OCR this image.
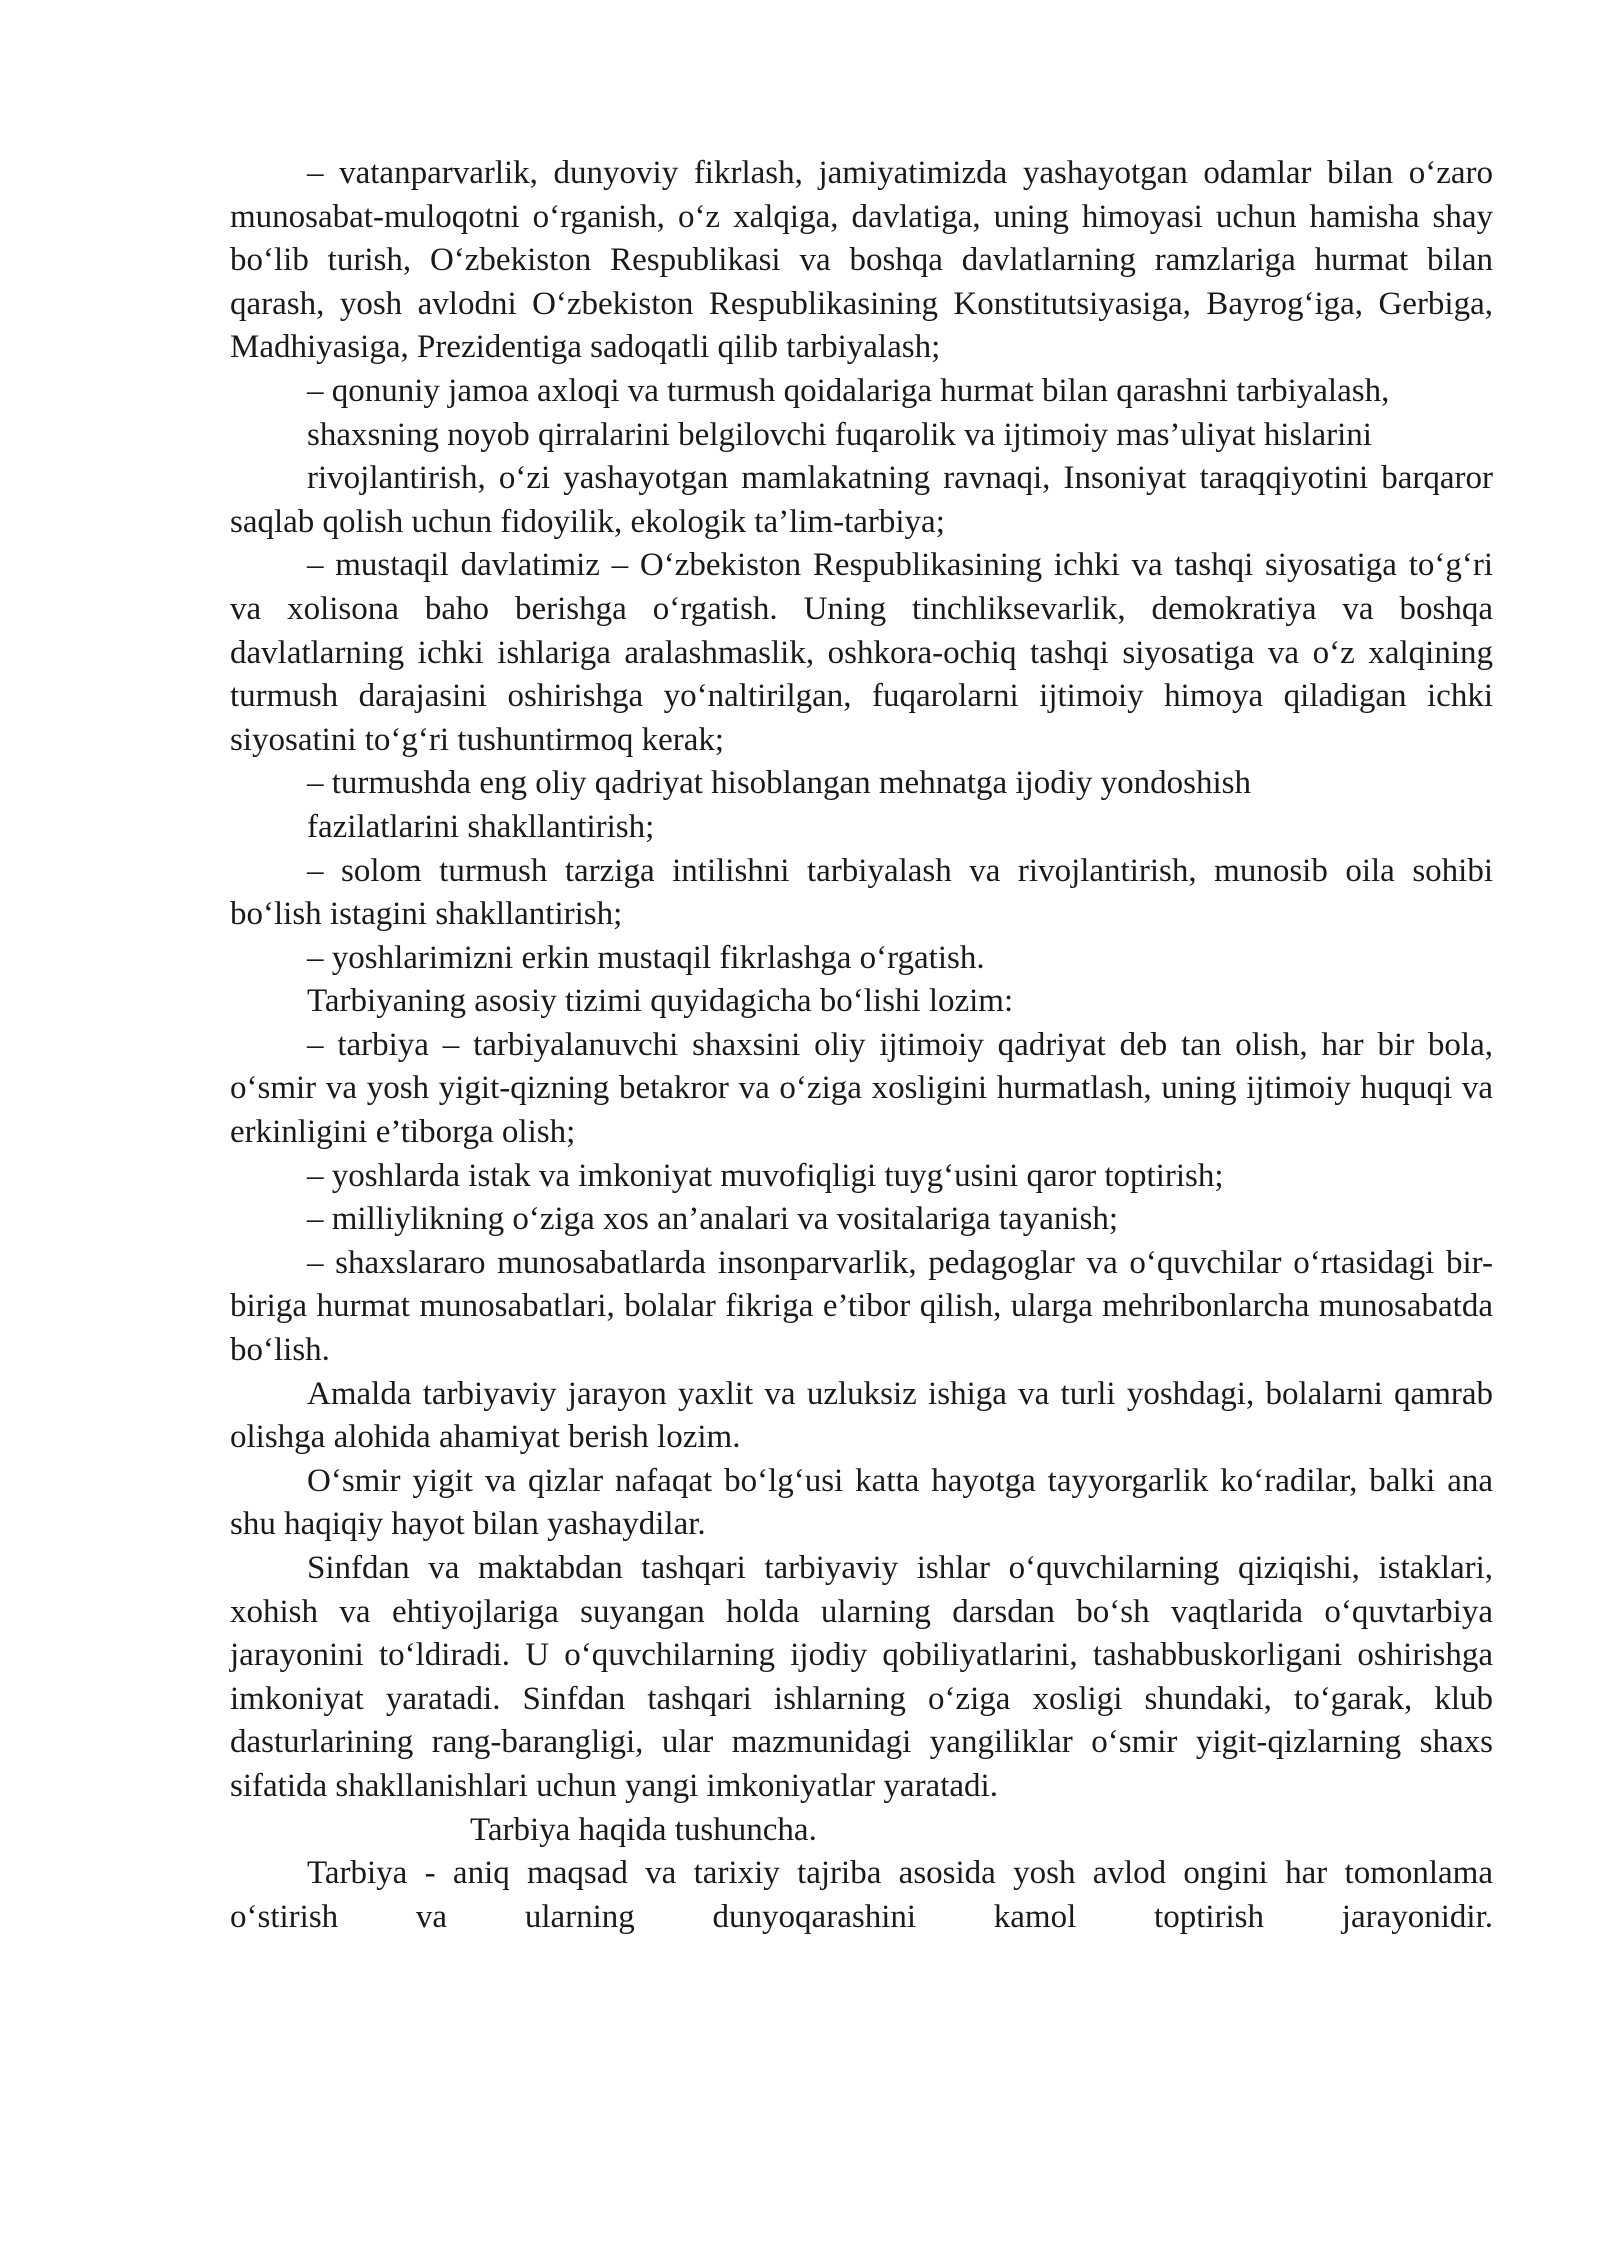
– vatanparvarlik, dunyoviy fikrlash, jamiyatimizda yashayotgan odamlar bilan o‘zaro munosabat-muloqotni o‘rganish, o‘z xalqiga, davlatiga, uning himoyasi uchun hamisha shay bo‘lib turish, O‘zbekiston Respublikasi va boshqa davlatlarning ramzlariga hurmat bilan qarash, yosh avlodni O‘zbekiston Respublikasining Konstitutsiyasiga, Bayrog‘iga, Gerbiga, Madhiyasiga, Prezidentiga sadoqatli qilib tarbiyalash;

– qonuniy jamoa axloqi va turmush qoidalariga hurmat bilan qarashni tarbiyalash,

shaxsning noyob qirralarini belgilovchi fuqarolik va ijtimoiy mas’uliyat hislarini

rivojlantirish, o‘zi yashayotgan mamlakatning ravnaqi, Insoniyat taraqqiyotini barqaror saqlab qolish uchun fidoyilik, ekologik ta’lim-tarbiya;

– mustaqil davlatimiz – O‘zbekiston Respublikasining ichki va tashqi siyosatiga to‘g‘ri va xolisona baho berishga o‘rgatish. Uning tinchliksevarlik, demokratiya va boshqa davlatlarning ichki ishlariga aralashmaslik, oshkora-ochiq tashqi siyosatiga va o‘z xalqining turmush darajasini oshirishga yo‘naltirilgan, fuqarolarni ijtimoiy himoya qiladigan ichki siyosatini to‘g‘ri tushuntirmoq kerak;

– turmushda eng oliy qadriyat hisoblangan mehnatga ijodiy yondoshish

fazilatlarini shakllantirish;

– solom turmush tarziga intilishni tarbiyalash va rivojlantirish, munosib oila sohibi bo‘lish istagini shakllantirish;

– yoshlarimizni erkin mustaqil fikrlashga o‘rgatish.

Tarbiyaning asosiy tizimi quyidagicha bo‘lishi lozim:

– tarbiya – tarbiyalanuvchi shaxsini oliy ijtimoiy qadriyat deb tan olish, har bir bola, o‘smir va yosh yigit-qizning betakror va o‘ziga xosligini hurmatlash, uning ijtimoiy huquqi va erkinligini e’tiborga olish;

– yoshlarda istak va imkoniyat muvofiqligi tuyg‘usini qaror toptirish;

– milliylikning o‘ziga xos an’analari va vositalariga tayanish;

– shaxslararo munosabatlarda insonparvarlik, pedagoglar va o‘quvchilar o‘rtasidagi bir-biriga hurmat munosabatlari, bolalar fikriga e’tibor qilish, ularga mehribonlarcha munosabatda bo‘lish.

Amalda tarbiyaviy jarayon yaxlit va uzluksiz ishiga va turli yoshdagi, bolalarni qamrab olishga alohida ahamiyat berish lozim.

O‘smir yigit va qizlar nafaqat bo‘lg‘usi katta hayotga tayyorgarlik ko‘radilar, balki ana shu haqiqiy hayot bilan yashaydilar.

Sinfdan va maktabdan tashqari tarbiyaviy ishlar o‘quvchilarning qiziqishi, istaklari, xohish va ehtiyojlariga suyangan holda ularning darsdan bo‘sh vaqtlarida o‘quvtarbiya jarayonini to‘ldiradi. U o‘quvchilarning ijodiy qobiliyatlarini, tashabbuskorligani oshirishga imkoniyat yaratadi. Sinfdan tashqari ishlarning o‘ziga xosligi shundaki, to‘garak, klub dasturlarining rang-barangligi, ular mazmunidagi yangiliklar o‘smir yigit-qizlarning shaxs sifatida shakllanishlari uchun yangi imkoniyatlar yaratadi.

Tarbiya haqida tushuncha.

Tarbiya - aniq maqsad va tarixiy tajriba asosida yosh avlod ongini har tomonlama o‘stirish va ularning dunyoqarashini kamol toptirish jarayonidir.
